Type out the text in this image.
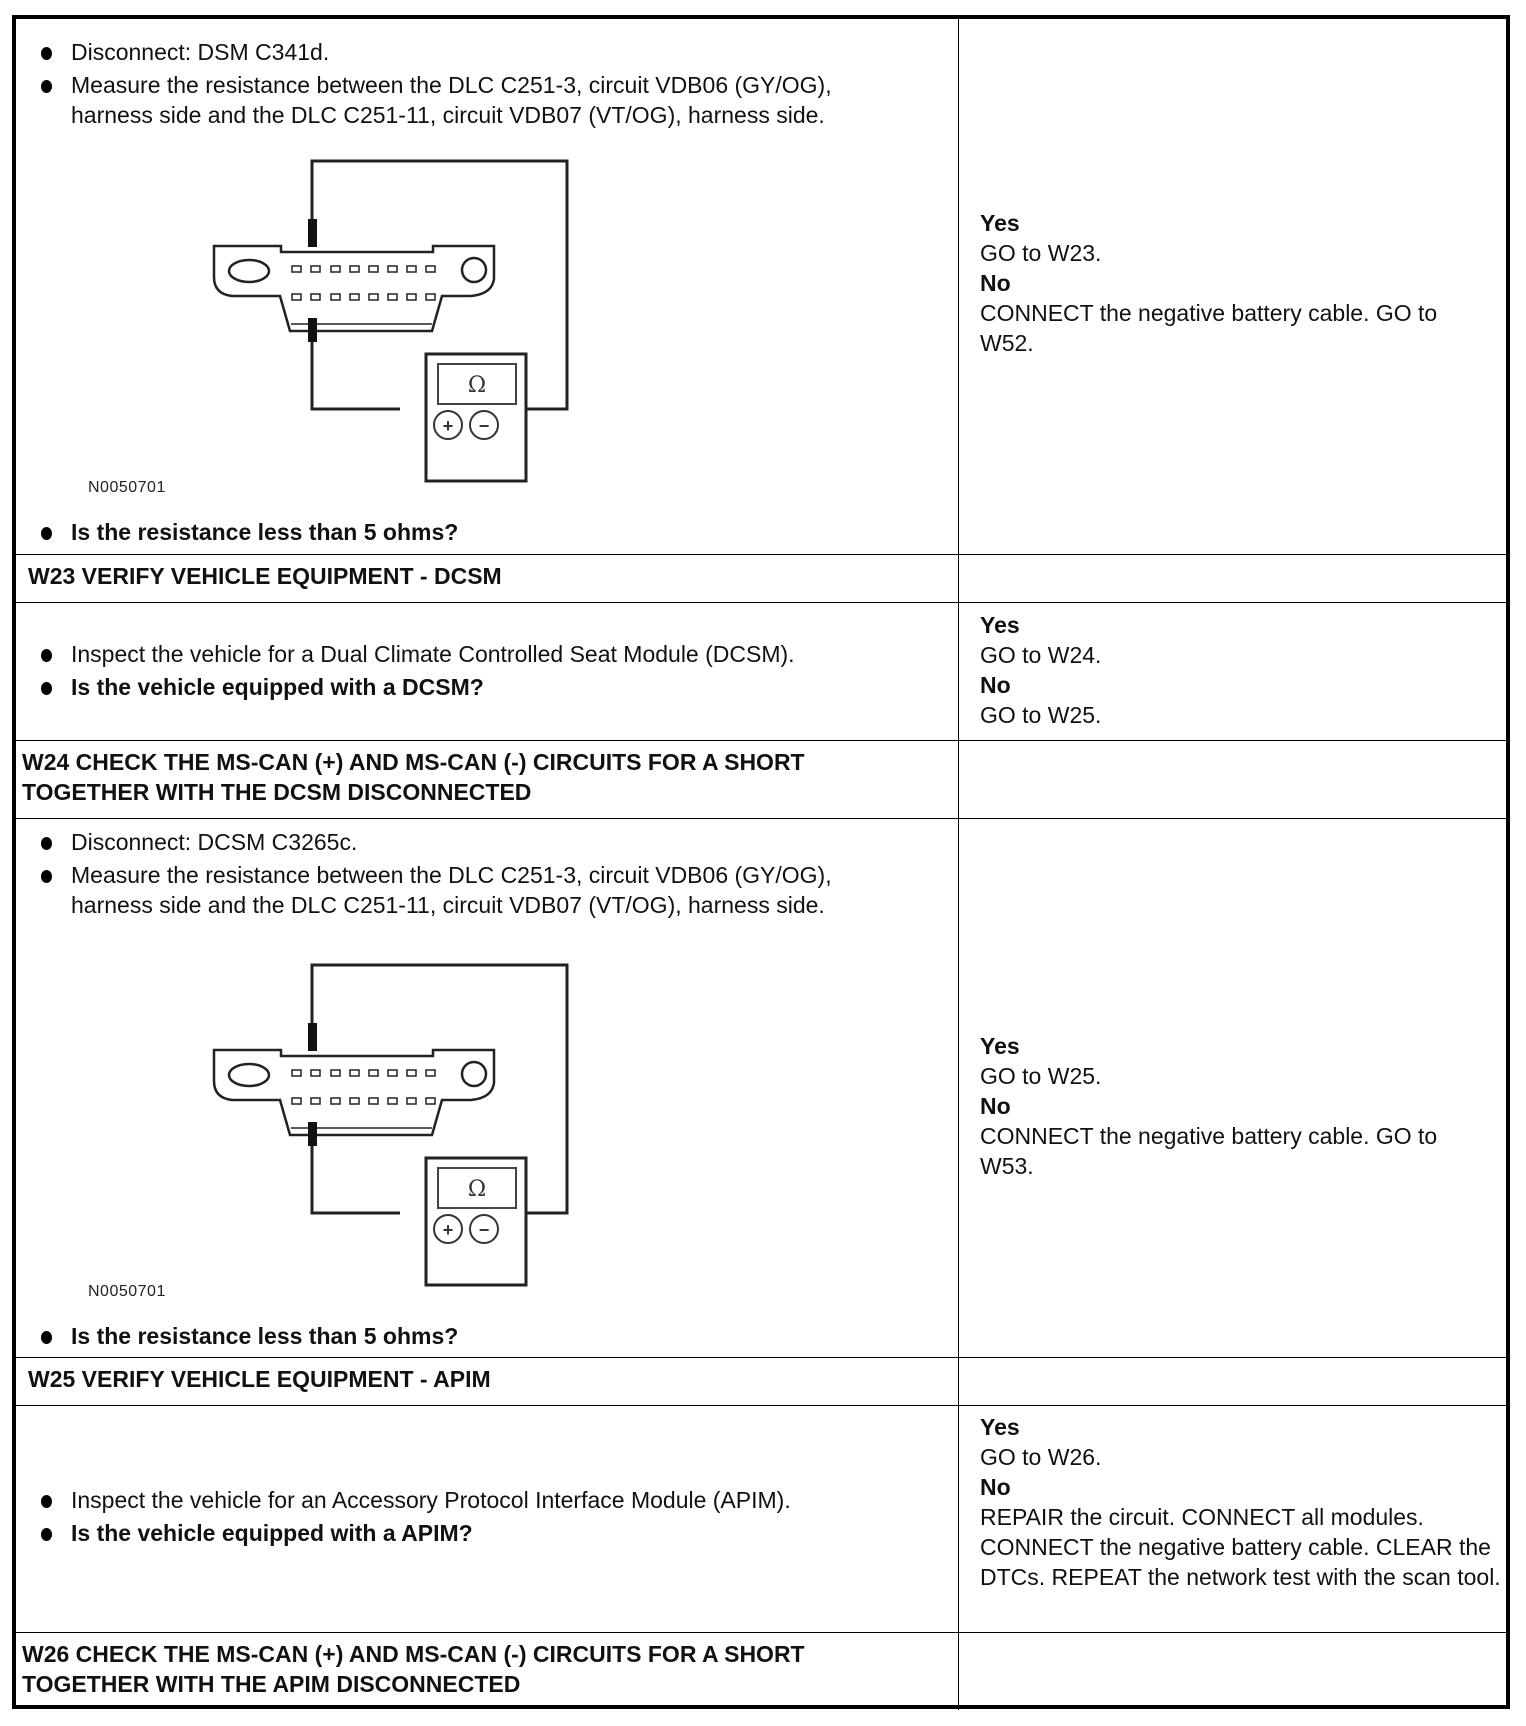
Disconnect: DSM C341d.
Measure the resistance between the DLC C251-3, circuit VDB06 (GY/OG), harness side and the DLC C251-11, circuit VDB07 (VT/OG), harness side.
Ω
+ −
N0050701
Is the resistance less than 5 ohms?
Yes
GO to W23.
No
CONNECT the negative battery cable. GO to W52.
W23 VERIFY VEHICLE EQUIPMENT - DCSM
Inspect the vehicle for a Dual Climate Controlled Seat Module (DCSM).
Is the vehicle equipped with a DCSM?
Yes
GO to W24.
No
GO to W25.
W24 CHECK THE MS-CAN (+) AND MS-CAN (-) CIRCUITS FOR A SHORT TOGETHER WITH THE DCSM DISCONNECTED
Disconnect: DCSM C3265c.
Measure the resistance between the DLC C251-3, circuit VDB06 (GY/OG), harness side and the DLC C251-11, circuit VDB07 (VT/OG), harness side.
Ω
+ −
N0050701
Is the resistance less than 5 ohms?
Yes
GO to W25.
No
CONNECT the negative battery cable. GO to W53.
W25 VERIFY VEHICLE EQUIPMENT - APIM
Inspect the vehicle for an Accessory Protocol Interface Module (APIM).
Is the vehicle equipped with a APIM?
Yes
GO to W26.
No
REPAIR the circuit. CONNECT all modules. CONNECT the negative battery cable. CLEAR the DTCs. REPEAT the network test with the scan tool.
W26 CHECK THE MS-CAN (+) AND MS-CAN (-) CIRCUITS FOR A SHORT TOGETHER WITH THE APIM DISCONNECTED
